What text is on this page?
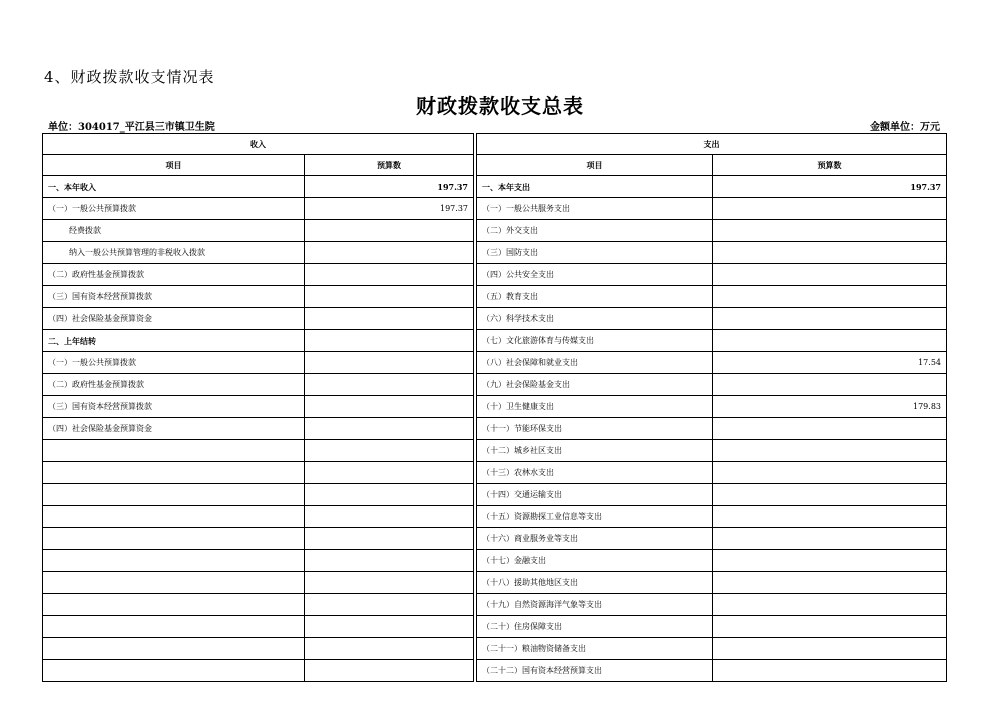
4、财政拨款收支情况表
财政拨款收支总表
单位：304017_平江县三市镇卫生院	金额单位：万元
收入			支出	
项目	预算数		项目	预算数
一、本年收入	197.37		一、本年支出	197.37
（一）一般公共预算拨款	197.37		（一）一般公共服务支出	
经费拨款			（二）外交支出	
纳入一般公共预算管理的非税收入拨款			（三）国防支出	
（二）政府性基金预算拨款			（四）公共安全支出	
（三）国有资本经营预算拨款			（五）教育支出	
（四）社会保险基金预算资金			（六）科学技术支出	
二、上年结转			（七）文化旅游体育与传媒支出	
（一）一般公共预算拨款			（八）社会保障和就业支出	17.54
（二）政府性基金预算拨款			（九）社会保险基金支出	
（三）国有资本经营预算拨款			（十）卫生健康支出	179.83
（四）社会保险基金预算资金			（十一）节能环保支出	
			（十二）城乡社区支出	
			（十三）农林水支出	
			（十四）交通运输支出	
			（十五）资源勘探工业信息等支出	
			（十六）商业服务业等支出	
			（十七）金融支出	
			（十八）援助其他地区支出	
			（十九）自然资源海洋气象等支出	
			（二十）住房保障支出	
			（二十一）粮油物资储备支出	
			（二十二）国有资本经营预算支出	
